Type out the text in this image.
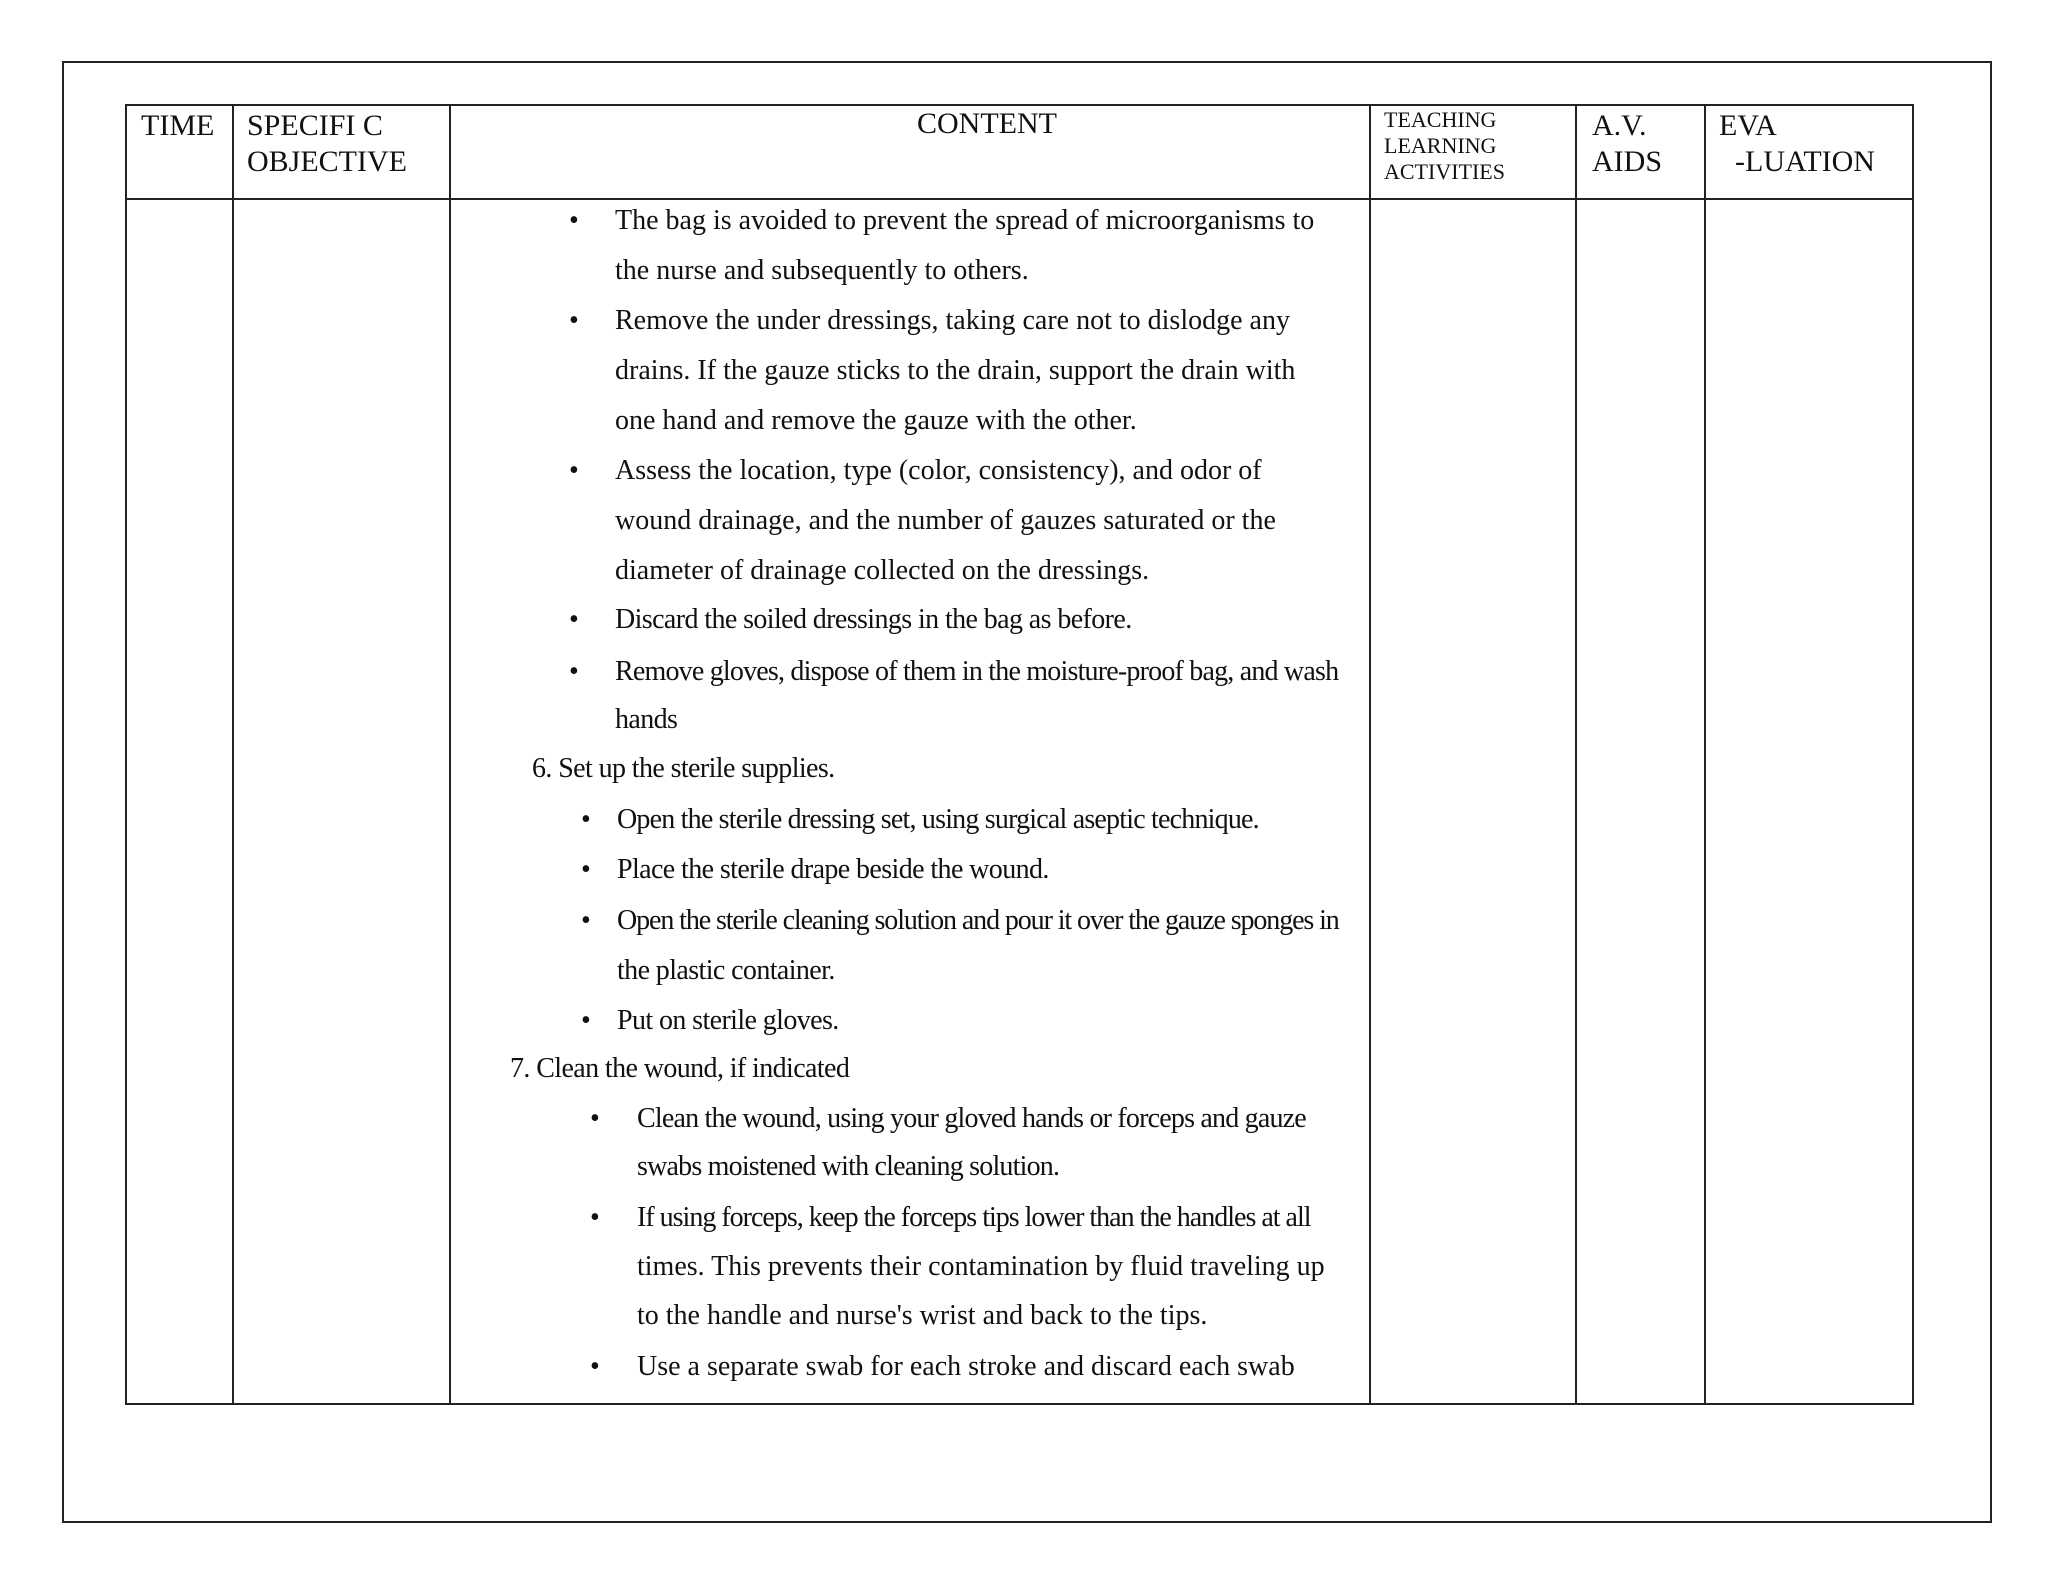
TIME SPECIFI C
OBJECTIVE
CONTENT	TEACHING
LEARNING
ACTIVITIES
A.V.
AIDS
EVA
-LUATION
• The bag is avoided to prevent the spread of microorganisms to
the nurse and subsequently to others.
• Remove the under dressings, taking care not to dislodge any
drains. If the gauze sticks to the drain, support the drain with
one hand and remove the gauze with the other.
• Assess the location, type (color, consistency), and odor of
wound drainage, and the number of gauzes saturated or the
diameter of drainage collected on the dressings.
• Discard the soiled dressings in the bag as before.
• Remove gloves, dispose of them in the moisture-proof bag, and wash
hands
6. Set up the sterile supplies.
• Open the sterile dressing set, using surgical aseptic technique.
• Place the sterile drape beside the wound.
• Open the sterile cleaning solution and pour it over the gauze sponges in
the plastic container.
• Put on sterile gloves.
7. Clean the wound, if indicated
• Clean the wound, using your gloved hands or forceps and gauze
swabs moistened with cleaning solution.
• If using forceps, keep the forceps tips lower than the handles at all
times. This prevents their contamination by fluid traveling up
to the handle and nurse's wrist and back to the tips.
• Use a separate swab for each stroke and discard each swab
